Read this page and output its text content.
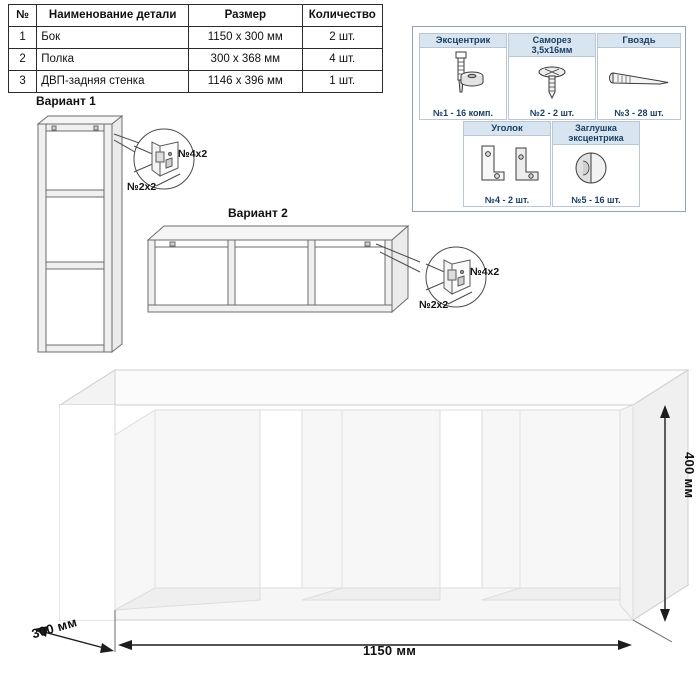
№	Наименование детали	Размер	Количество
1	Бок	1150 x 300 мм	2 шт.
2	Полка	300 x 368 мм	4 шт.
3	ДВП-задняя стенка	1146 x 396 мм	1 шт.
Эксцентрик
№1 - 16 комп.
Саморез
3,5х16мм
№2 - 2 шт.
Гвоздь
№3 - 28 шт.
Уголок
№4 - 2 шт.
Заглушка
эксцентрика
№5 - 16 шт.
Вариант 1
№4х2
№2х2
Вариант 2
№4х2
№2х2
400 мм
300 мм
1150 мм
